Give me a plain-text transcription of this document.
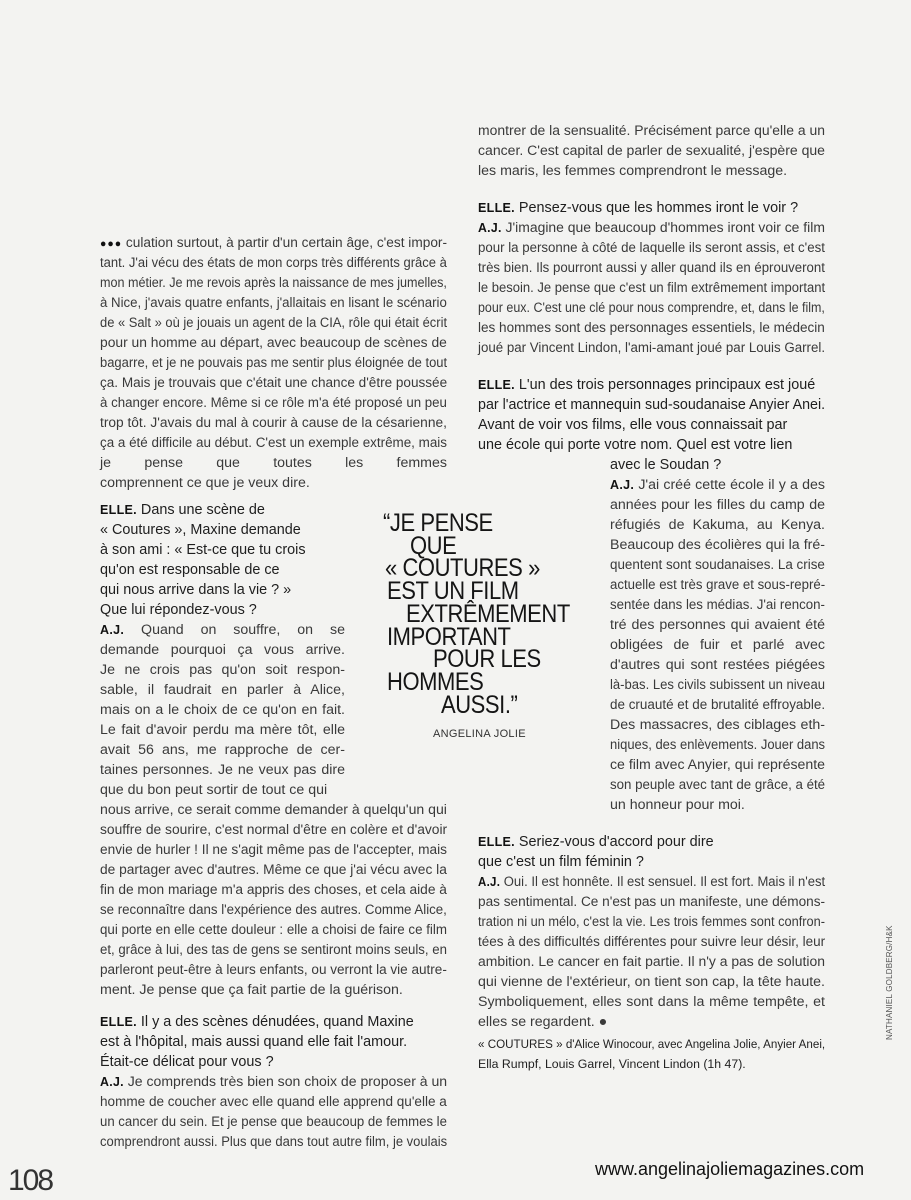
●●● culation surtout, à partir d'un certain âge, c'est impor-
tant. J'ai vécu des états de mon corps très différents grâce à
mon métier. Je me revois après la naissance de mes jumelles,
à Nice, j'avais quatre enfants, j'allaitais en lisant le scénario
de « Salt » où je jouais un agent de la CIA, rôle qui était écrit
pour un homme au départ, avec beaucoup de scènes de
bagarre, et je ne pouvais pas me sentir plus éloignée de tout
ça. Mais je trouvais que c'était une chance d'être poussée
à changer encore. Même si ce rôle m'a été proposé un peu
trop tôt. J'avais du mal à courir à cause de la césarienne,
ça a été difficile au début. C'est un exemple extrême, mais
je pense que toutes les femmes
comprennent ce que je veux dire.
ELLE. Dans une scène de
« Coutures », Maxine demande
à son ami : « Est-ce que tu crois
qu'on est responsable de ce
qui nous arrive dans la vie ? »
Que lui répondez-vous ?
A.J. Quand on souffre, on se
demande pourquoi ça vous arrive.
Je ne crois pas qu'on soit respon-
sable, il faudrait en parler à Alice,
mais on a le choix de ce qu'on en fait.
Le fait d'avoir perdu ma mère tôt, elle
avait 56 ans, me rapproche de cer-
taines personnes. Je ne veux pas dire
que du bon peut sortir de tout ce qui
nous arrive, ce serait comme demander à quelqu'un qui
souffre de sourire, c'est normal d'être en colère et d'avoir
envie de hurler ! Il ne s'agit même pas de l'accepter, mais
de partager avec d'autres. Même ce que j'ai vécu avec la
fin de mon mariage m'a appris des choses, et cela aide à
se reconnaître dans l'expérience des autres. Comme Alice,
qui porte en elle cette douleur : elle a choisi de faire ce film
et, grâce à lui, des tas de gens se sentiront moins seuls, en
parleront peut-être à leurs enfants, ou verront la vie autre-
ment. Je pense que ça fait partie de la guérison.
ELLE. Il y a des scènes dénudées, quand Maxine
est à l'hôpital, mais aussi quand elle fait l'amour.
Était-ce délicat pour vous ?
A.J. Je comprends très bien son choix de proposer à un
homme de coucher avec elle quand elle apprend qu'elle a
un cancer du sein. Et je pense que beaucoup de femmes le
comprendront aussi. Plus que dans tout autre film, je voulais
montrer de la sensualité. Précisément parce qu'elle a un
cancer. C'est capital de parler de sexualité, j'espère que
les maris, les femmes comprendront le message.
ELLE. Pensez-vous que les hommes iront le voir ?
A.J. J'imagine que beaucoup d'hommes iront voir ce film
pour la personne à côté de laquelle ils seront assis, et c'est
très bien. Ils pourront aussi y aller quand ils en éprouveront
le besoin. Je pense que c'est un film extrêmement important
pour eux. C'est une clé pour nous comprendre, et, dans le film,
les hommes sont des personnages essentiels, le médecin
joué par Vincent Lindon, l'ami-amant joué par Louis Garrel.
ELLE. L'un des trois personnages principaux est joué
par l'actrice et mannequin sud-soudanaise Anyier Anei.
Avant de voir vos films, elle vous connaissait par
une école qui porte votre nom. Quel est votre lien
avec le Soudan ?
A.J. J'ai créé cette école il y a des
années pour les filles du camp de
réfugiés de Kakuma, au Kenya.
Beaucoup des écolières qui la fré-
quentent sont soudanaises. La crise
actuelle est très grave et sous-repré-
sentée dans les médias. J'ai rencon-
tré des personnes qui avaient été
obligées de fuir et parlé avec
d'autres qui sont restées piégées
là-bas. Les civils subissent un niveau
de cruauté et de brutalité effroyable.
Des massacres, des ciblages eth-
niques, des enlèvements. Jouer dans
ce film avec Anyier, qui représente
son peuple avec tant de grâce, a été
un honneur pour moi.
ELLE. Seriez-vous d'accord pour dire
que c'est un film féminin ?
A.J. Oui. Il est honnête. Il est sensuel. Il est fort. Mais il n'est
pas sentimental. Ce n'est pas un manifeste, une démons-
tration ni un mélo, c'est la vie. Les trois femmes sont confron-
tées à des difficultés différentes pour suivre leur désir, leur
ambition. Le cancer en fait partie. Il n'y a pas de solution
qui vienne de l'extérieur, on tient son cap, la tête haute.
Symboliquement, elles sont dans la même tempête, et
elles se regardent. ●
« COUTURES » d'Alice Winocour, avec Angelina Jolie, Anyier Anei,
Ella Rumpf, Louis Garrel, Vincent Lindon (1h 47).
“JE PENSE
QUE
« COUTURES »
EST UN FILM
EXTRÊMEMENT
IMPORTANT
POUR LES
HOMMES
AUSSI.”
ANGELINA JOLIE
NATHANIEL GOLDBERG/H&K
108	www.angelinajoliemagazines.com
